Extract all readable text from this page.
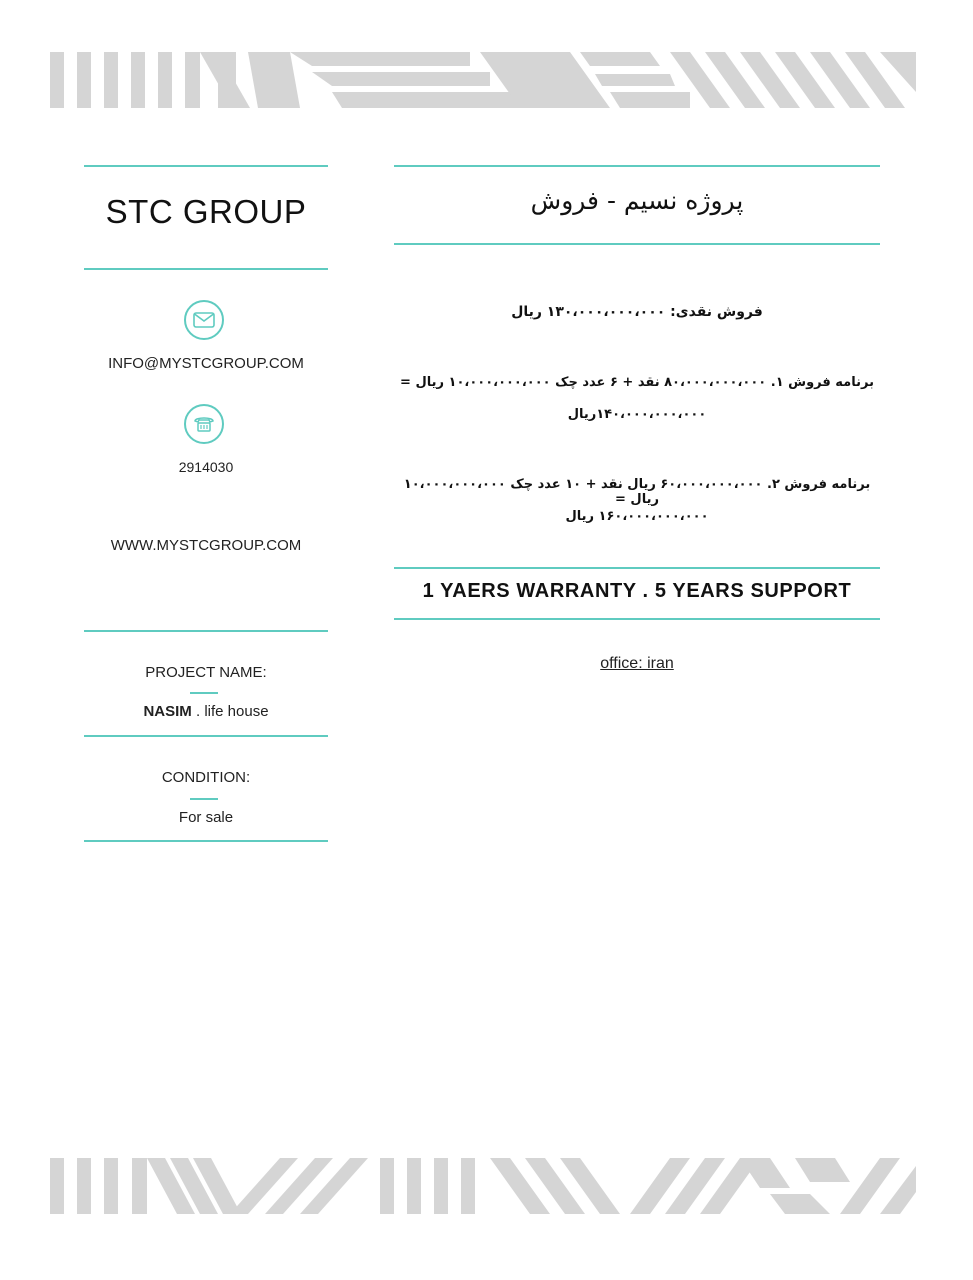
STC GROUP
INFO@MYSTCGROUP.COM
2914030
WWW.MYSTCGROUP.COM
PROJECT NAME:
NASIM . life house
CONDITION:
For sale
پروژه نسیم - فروش
فروش نقدی: ۱۳۰،۰۰۰،۰۰۰،۰۰۰ ریال
برنامه فروش ۱. ۸۰،۰۰۰،۰۰۰،۰۰۰ نقد + ۶ عدد چک ۱۰،۰۰۰،۰۰۰،۰۰۰ ریال =
۱۴۰،۰۰۰،۰۰۰،۰۰۰ریال
برنامه فروش ۲. ۶۰،۰۰۰،۰۰۰،۰۰۰ ریال نقد + ۱۰ عدد چک ۱۰،۰۰۰،۰۰۰،۰۰۰ ریال =
۱۶۰،۰۰۰،۰۰۰،۰۰۰ ریال
1 YAERS WARRANTY . 5 YEARS SUPPORT
office: iran
